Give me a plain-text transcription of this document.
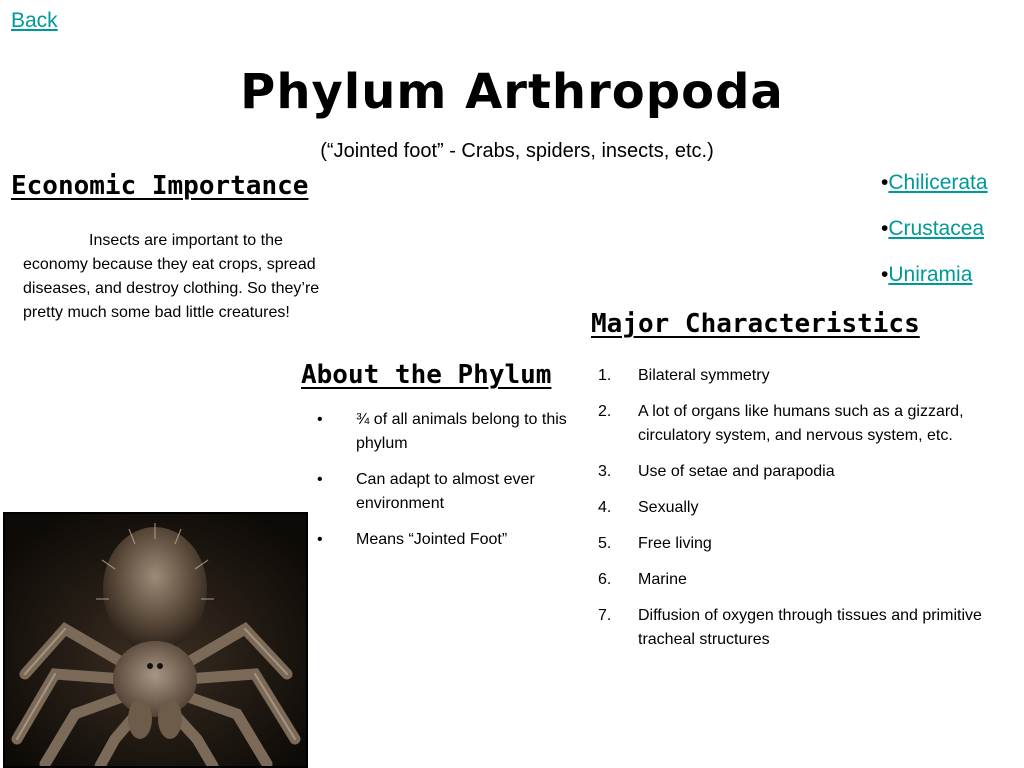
Back
Phylum Arthropoda
(“Jointed foot” - Crabs, spiders, insects, etc.)
Economic Importance
Insects are important to the economy because they eat crops, spread diseases, and destroy clothing. So they’re pretty much some bad little creatures!
•Chilicerata
•Crustacea
•Uniramia
Major Characteristics
1. Bilateral symmetry
2. A lot of organs like humans such as a gizzard, circulatory system, and nervous system, etc.
3. Use of setae and parapodia
4. Sexually
5. Free living
6. Marine
7. Diffusion of oxygen through tissues and primitive tracheal structures
About the Phylum
• ¾ of all animals belong to this phylum
• Can adapt to almost ever environment
• Means “Jointed Foot”
